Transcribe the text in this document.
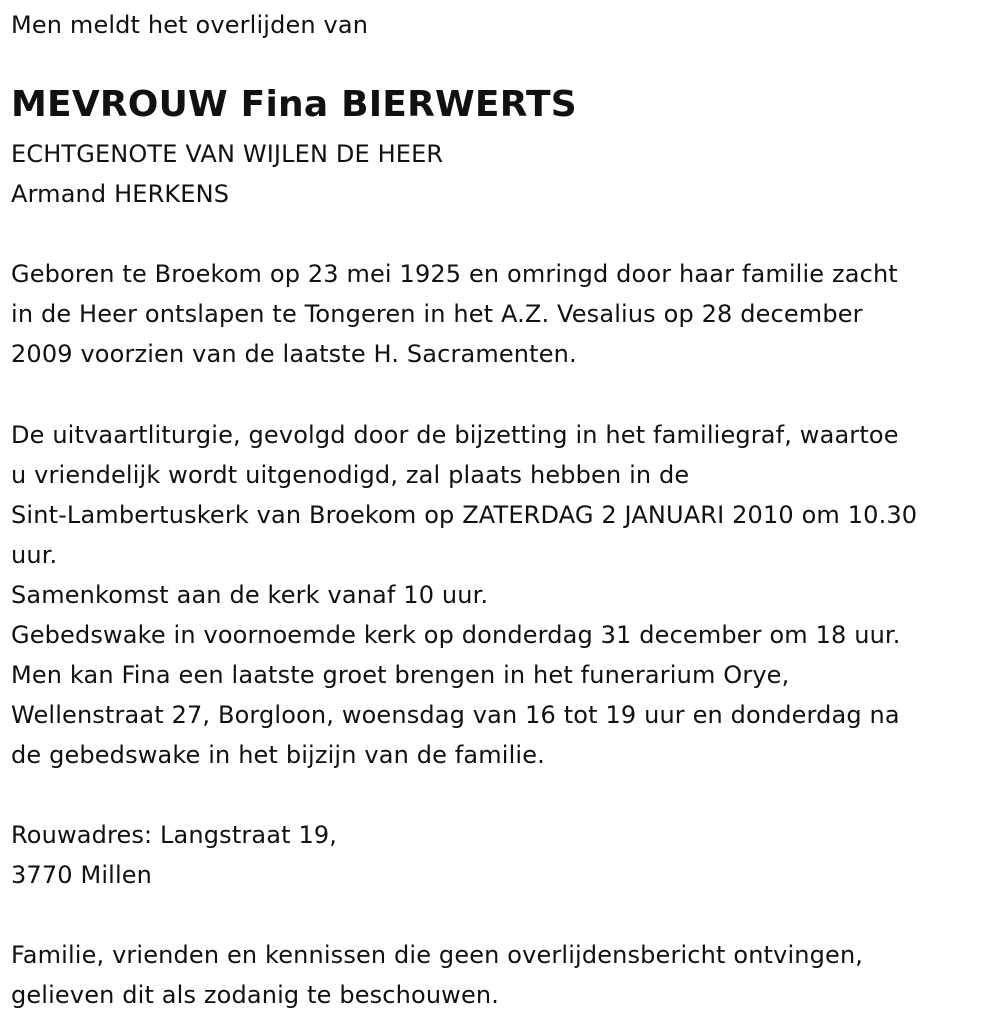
Men meldt het overlijden van
MEVROUW Fina BIERWERTS
ECHTGENOTE VAN WIJLEN DE HEER
Armand HERKENS
Geboren te Broekom op 23 mei 1925 en omringd door haar familie zacht
in de Heer ontslapen te Tongeren in het A.Z. Vesalius op 28 december
2009 voorzien van de laatste H. Sacramenten.
De uitvaartliturgie, gevolgd door de bijzetting in het familiegraf, waartoe
u vriendelijk wordt uitgenodigd, zal plaats hebben in de
Sint-Lambertuskerk van Broekom op ZATERDAG 2 JANUARI 2010 om 10.30
uur.
Samenkomst aan de kerk vanaf 10 uur.
Gebedswake in voornoemde kerk op donderdag 31 december om 18 uur.
Men kan Fina een laatste groet brengen in het funerarium Orye,
Wellenstraat 27, Borgloon, woensdag van 16 tot 19 uur en donderdag na
de gebedswake in het bijzijn van de familie.
Rouwadres: Langstraat 19,
3770 Millen
Familie, vrienden en kennissen die geen overlijdensbericht ontvingen,
gelieven dit als zodanig te beschouwen.
